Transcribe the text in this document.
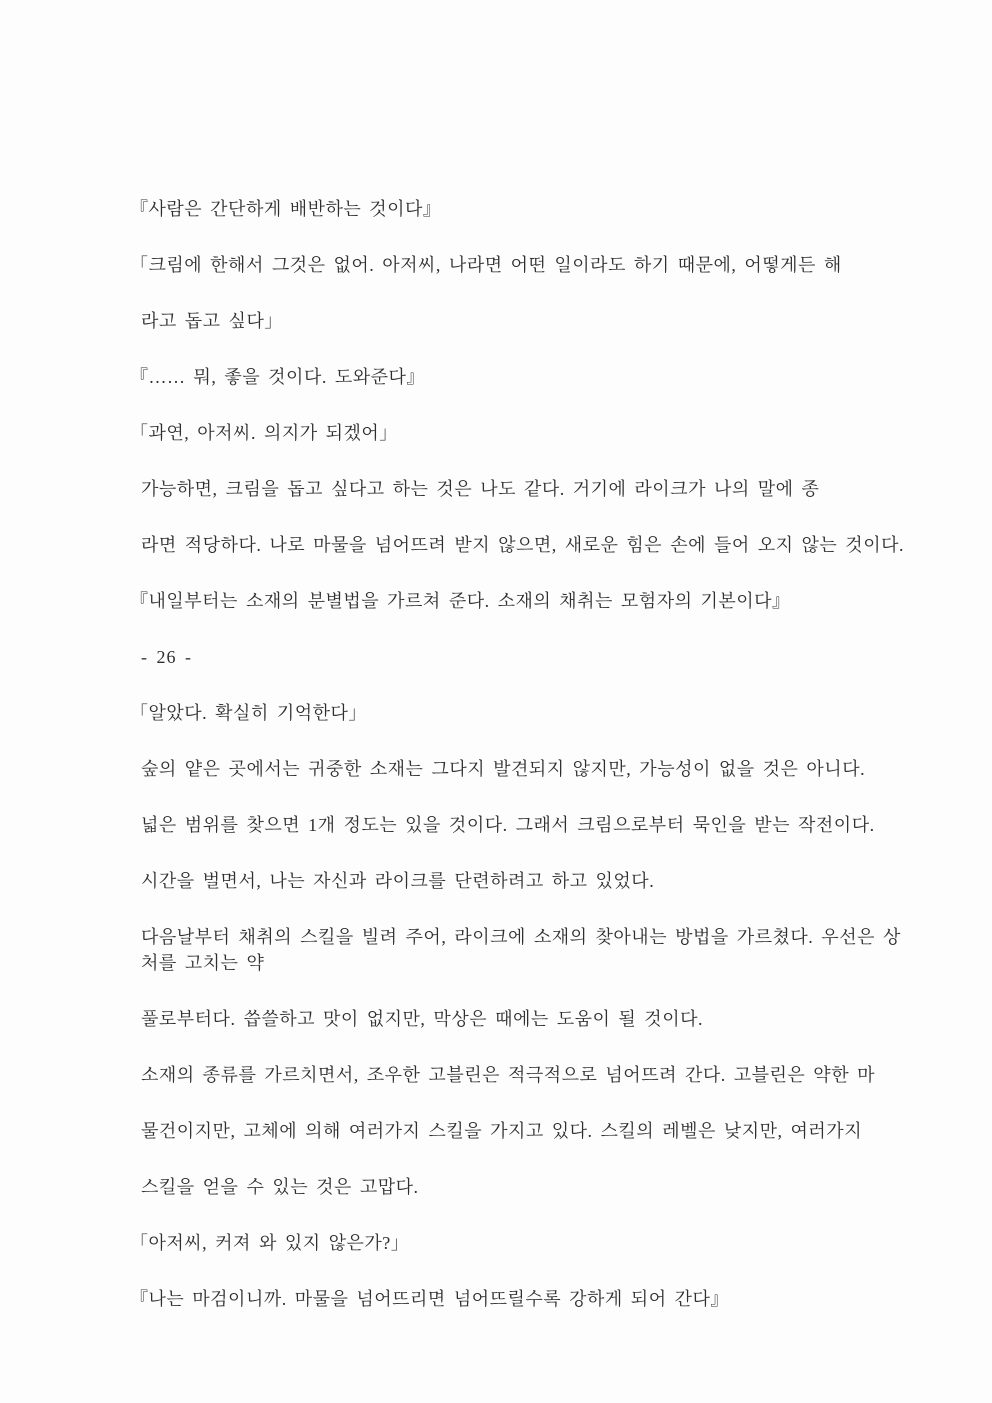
『사람은 간단하게 배반하는 것이다』

「크림에 한해서 그것은 없어. 아저씨, 나라면 어떤 일이라도 하기 때문에, 어떻게든 해

라고 돕고 싶다」

『…… 뭐, 좋을 것이다. 도와준다』

「과연, 아저씨. 의지가 되겠어」

가능하면, 크림을 돕고 싶다고 하는 것은 나도 같다. 거기에 라이크가 나의 말에 종

라면 적당하다. 나로 마물을 넘어뜨려 받지 않으면, 새로운 힘은 손에 들어 오지 않는 것이다.

『내일부터는 소재의 분별법을 가르쳐 준다. 소재의 채취는 모험자의 기본이다』

- 26 -

「알았다. 확실히 기억한다」

숲의 얕은 곳에서는 귀중한 소재는 그다지 발견되지 않지만, 가능성이 없을 것은 아니다.

넓은 범위를 찾으면 1개 정도는 있을 것이다. 그래서 크림으로부터 묵인을 받는 작전이다.

시간을 벌면서, 나는 자신과 라이크를 단련하려고 하고 있었다.

다음날부터 채취의 스킬을 빌려 주어, 라이크에 소재의 찾아내는 방법을 가르쳤다. 우선은 상

처를 고치는 약

풀로부터다. 씁쓸하고 맛이 없지만, 막상은 때에는 도움이 될 것이다.

소재의 종류를 가르치면서, 조우한 고블린은 적극적으로 넘어뜨려 간다. 고블린은 약한 마

물건이지만, 고체에 의해 여러가지 스킬을 가지고 있다. 스킬의 레벨은 낮지만, 여러가지

스킬을 얻을 수 있는 것은 고맙다.

「아저씨, 커져 와 있지 않은가?」

『나는 마검이니까. 마물을 넘어뜨리면 넘어뜨릴수록 강하게 되어 간다』
